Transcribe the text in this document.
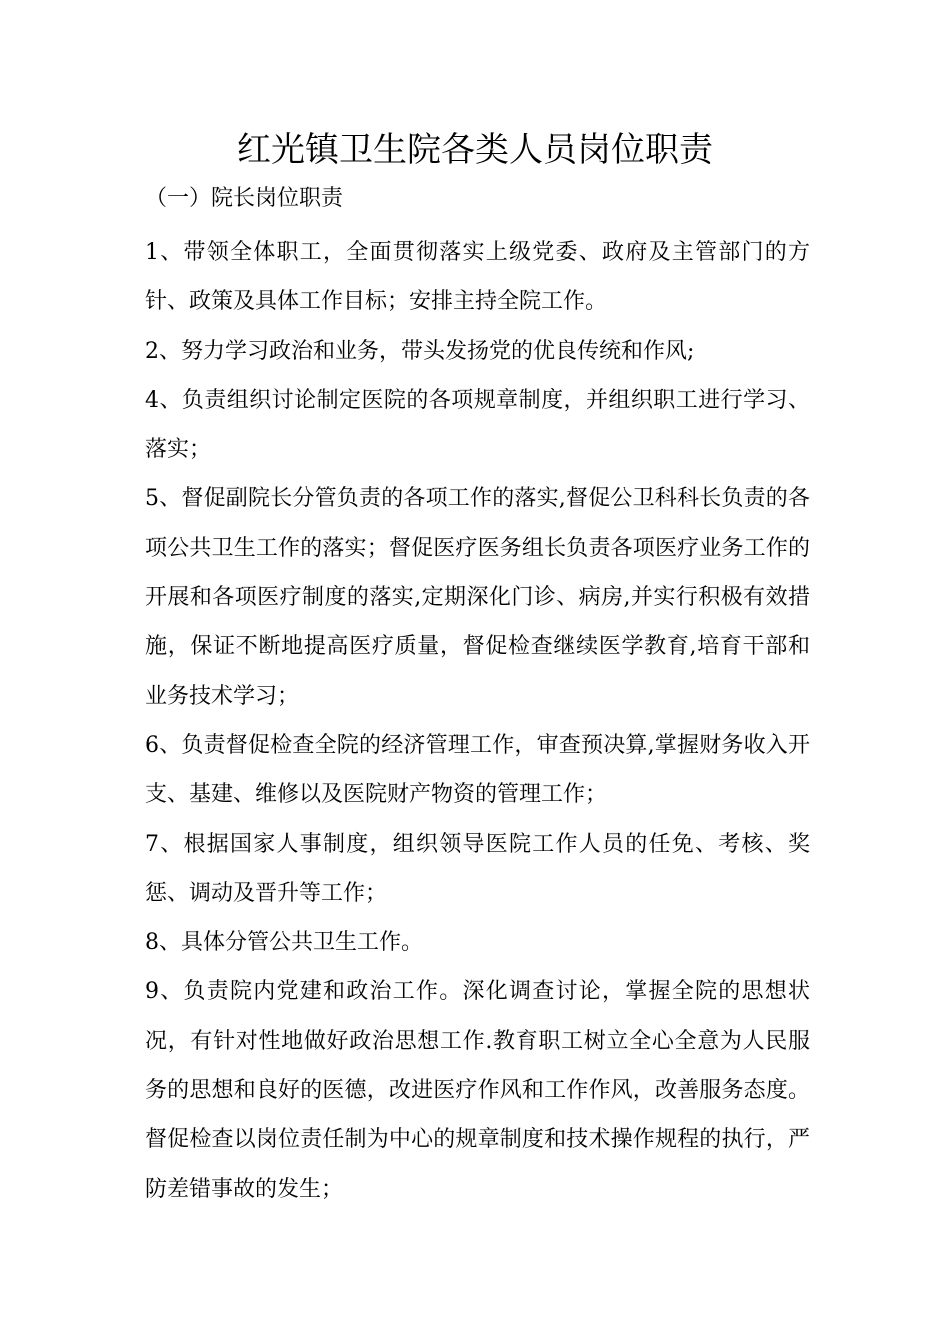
红光镇卫生院各类人员岗位职责
（一）院长岗位职责

1、带领全体职工，全面贯彻落实上级党委、政府及主管部门的方针、政策及具体工作目标；安排主持全院工作。

2、努力学习政治和业务，带头发扬党的优良传统和作风;

4、负责组织讨论制定医院的各项规章制度，并组织职工进行学习、落实；

5、督促副院长分管负责的各项工作的落实,督促公卫科科长负责的各项公共卫生工作的落实；督促医疗医务组长负责各项医疗业务工作的开展和各项医疗制度的落实,定期深化门诊、病房,并实行积极有效措施，保证不断地提高医疗质量，督促检查继续医学教育,培育干部和业务技术学习；

6、负责督促检查全院的经济管理工作，审查预决算,掌握财务收入开支、基建、维修以及医院财产物资的管理工作；

7、根据国家人事制度，组织领导医院工作人员的任免、考核、奖惩、调动及晋升等工作；

8、具体分管公共卫生工作。

9、负责院内党建和政治工作。深化调查讨论，掌握全院的思想状况，有针对性地做好政治思想工作.教育职工树立全心全意为人民服务的思想和良好的医德，改进医疗作风和工作作风，改善服务态度。督促检查以岗位责任制为中心的规章制度和技术操作规程的执行，严防差错事故的发生；
